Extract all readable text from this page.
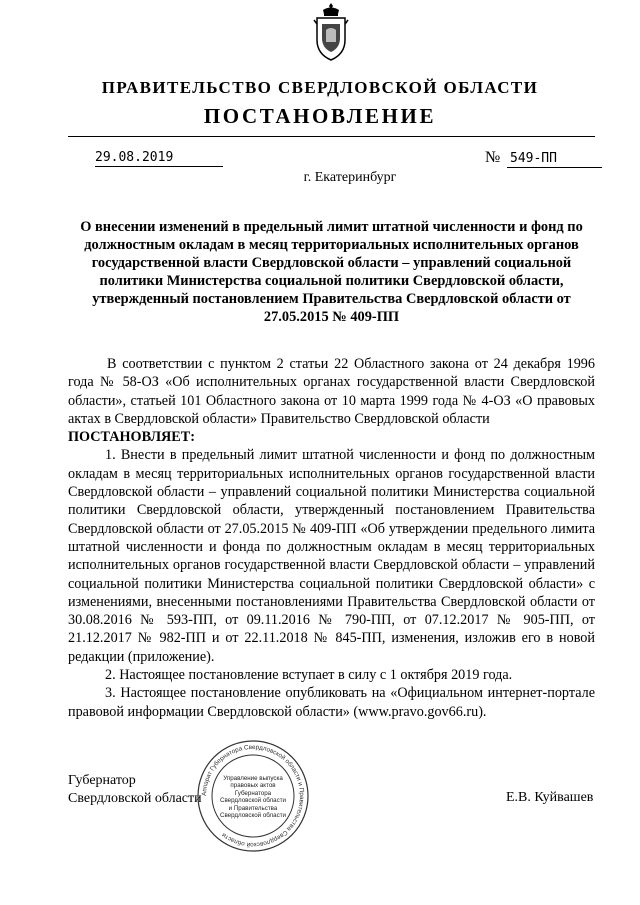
ПРАВИТЕЛЬСТВО СВЕРДЛОВСКОЙ ОБЛАСТИ
ПОСТАНОВЛЕНИЕ
29.08.2019	№ 549-ПП
г. Екатеринбург
О внесении изменений в предельный лимит штатной численности и фонд по должностным окладам в месяц территориальных исполнительных органов государственной власти Свердловской области – управлений социальной политики Министерства социальной политики Свердловской области, утвержденный постановлением Правительства Свердловской области от 27.05.2015 № 409-ПП

В соответствии с пунктом 2 статьи 22 Областного закона от 24 декабря 1996 года № 58-ОЗ «Об исполнительных органах государственной власти Свердловской области», статьей 101 Областного закона от 10 марта 1999 года № 4-ОЗ «О правовых актах в Свердловской области» Правительство Свердловской области

ПОСТАНОВЛЯЕТ:

1. Внести в предельный лимит штатной численности и фонд по должностным окладам в месяц территориальных исполнительных органов государственной власти Свердловской области – управлений социальной политики Министерства социальной политики Свердловской области, утвержденный постановлением Правительства Свердловской области от 27.05.2015 № 409-ПП «Об утверждении предельного лимита штатной численности и фонда по должностным окладам в месяц территориальных исполнительных органов государственной власти Свердловской области – управлений социальной политики Министерства социальной политики Свердловской области» с изменениями, внесенными постановлениями Правительства Свердловской области от 30.08.2016 № 593-ПП, от 09.11.2016 № 790-ПП, от 07.12.2017 № 905-ПП, от 21.12.2017 № 982-ПП и от 22.11.2018 № 845-ПП, изменения, изложив его в новой редакции (приложение).

2. Настоящее постановление вступает в силу с 1 октября 2019 года.

3. Настоящее постановление опубликовать на «Официальном интернет-портале правовой информации Свердловской области» (www.pravo.gov66.ru).

Губернатор
Свердловской области Аппарат Губернатора Свердловской области и Правительства Свердловской области
Управление выпуска правовых актов Губернатора Свердловской области и Правительства Свердловской области
Е.В. Куйвашев
